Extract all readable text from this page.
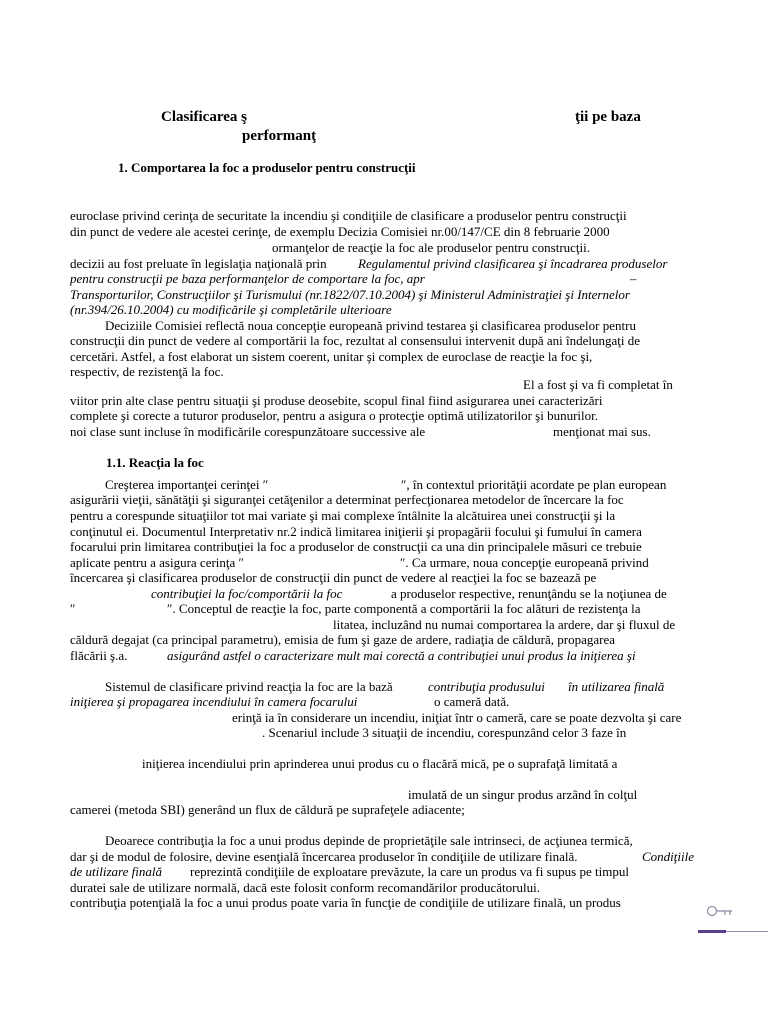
Clasificarea ş	ţii pe baza
performanţ
1. Comportarea la foc a produselor pentru construcţii
euroclase privind cerinţa de securitate la incendiu şi condiţiile de clasificare a produselor pentru construcţii
din punct de vedere ale acestei cerinţe, de exemplu Decizia Comisiei nr.00/147/CE din 8 februarie 2000
ormanţelor de reacţie la foc ale produselor pentru construcţii.
decizii au fost preluate în legislaţia naţională prin Regulamentul privind clasificarea şi încadrarea produselor
pentru construcţii pe baza performanţelor de comportare la foc, apr	–
Transporturilor, Construcţiilor şi Turismului (nr.1822/07.10.2004) şi Ministerul Administraţiei şi Internelor
(nr.394/26.10.2004) cu modificările şi completările ulterioare
Deciziile Comisiei reflectă noua concepţie europeană privind testarea şi clasificarea produselor pentru
construcţii din punct de vedere al comportării la foc, rezultat al consensului intervenit după ani îndelungaţi de
cercetări. Astfel, a fost elaborat un sistem coerent, unitar şi complex de euroclase de reacţie la foc şi,
respectiv, de rezistenţă la foc.
El a fost şi va fi completat în
viitor prin alte clase pentru situaţii şi produse deosebite, scopul final fiind asigurarea unei caracterizări
complete şi corecte a tuturor produselor, pentru a asigura o protecţie optimă utilizatorilor şi bunurilor.
noi clase sunt incluse în modificările corespunzătoare successive ale	menţionat mai sus.
1.1. Reacţia la foc
Creşterea importanţei cerinţei ″	″, în contextul priorităţii acordate pe plan european
asigurării vieţii, sănătăţii şi siguranţei cetăţenilor a determinat perfecţionarea metodelor de încercare la foc
pentru a corespunde situaţiilor tot mai variate şi mai complexe întâlnite la alcătuirea unei construcţii şi la
conţinutul ei. Documentul Interpretativ nr.2 indică limitarea iniţierii şi propagării focului şi fumului în camera
focarului prin limitarea contribuţiei la foc a produselor de construcţii ca una din principalele măsuri ce trebuie
aplicate pentru a asigura cerinţa ″	″. Ca urmare, noua concepţie europeană privind
încercarea şi clasificarea produselor de construcţii din punct de vedere al reacţiei la foc se bazează pe
contribuţiei la foc/comportării la foc	a produselor respective, renunţându se la noţiunea de
″	″. Conceptul de reacţie la foc, parte componentă a comportării la foc alături de rezistenţa la
litatea, incluzând nu numai comportarea la ardere, dar şi fluxul de
căldură degajat (ca principal parametru), emisia de fum şi gaze de ardere, radiaţia de căldură, propagarea
flăcării ş.a.	asigurând astfel o caracterizare mult mai corectă a contribuţiei unui produs la iniţierea şi
Sistemul de clasificare privind reacţia la foc are la bază	contribuţia produsului în utilizarea finală
iniţierea şi propagarea incendiului în camera focarului	o cameră dată.
erinţă ia în considerare un incendiu, iniţiat într o cameră, care se poate dezvolta şi care
. Scenariul include 3 situaţii de incendiu, corespunzând celor 3 faze în
iniţierea incendiului prin aprinderea unui produs cu o flacără mică, pe o suprafaţă limitată a
imulată de un singur produs arzând în colţul
camerei (metoda SBI) generând un flux de căldură pe suprafeţele adiacente;
Deoarece contribuţia la foc a unui produs depinde de proprietăţile sale intrinseci, de acţiunea termică,
dar şi de modul de folosire, devine esenţială încercarea produselor în condiţiile de utilizare finală.	Condiţiile
de utilizare finală reprezintă condiţiile de exploatare prevăzute, la care un produs va fi supus pe timpul
duratei sale de utilizare normală, dacă este folosit conform recomandărilor producătorului.
contribuţia potenţială la foc a unui produs poate varia în funcţie de condiţiile de utilizare finală, un produs
